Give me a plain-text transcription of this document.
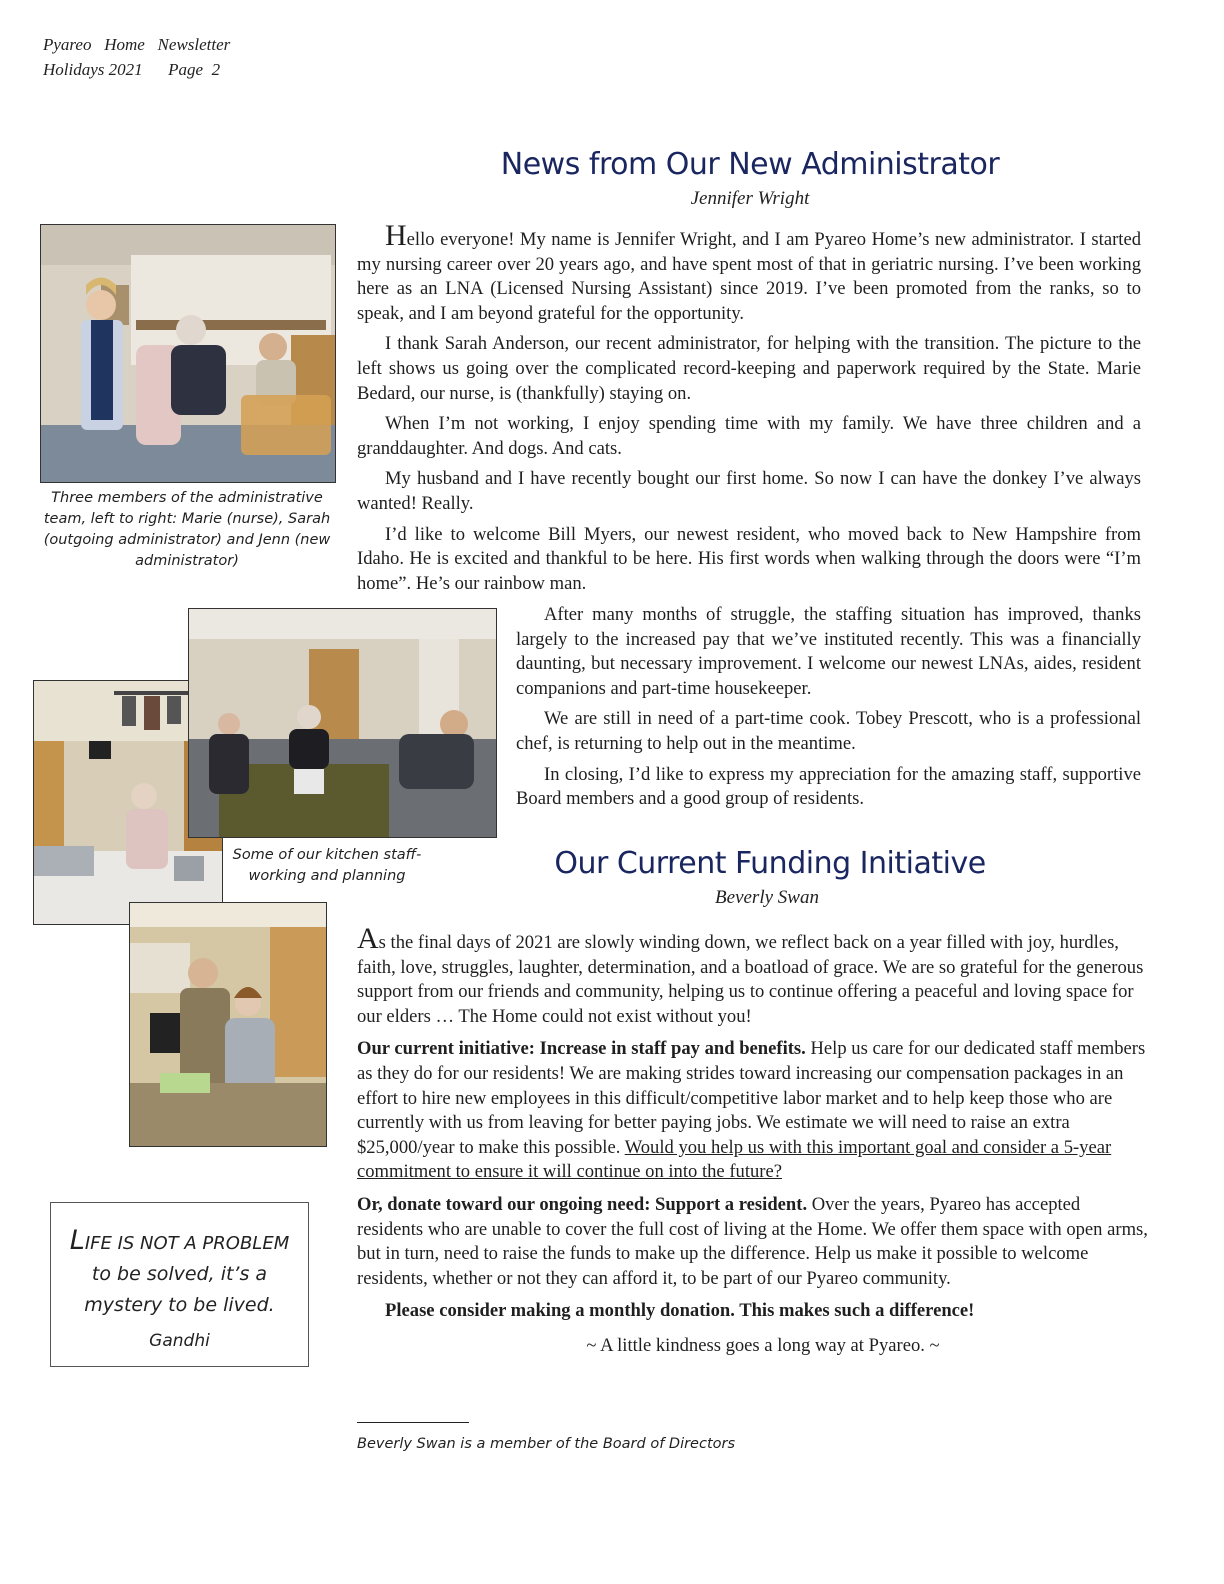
Pyareo   Home   Newsletter
Holidays 2021      Page  2
News from Our New Administrator
Jennifer Wright
Three members of the administrative team, left to right: Marie (nurse), Sarah (outgoing administrator) and Jenn (new administrator)

Hello everyone! My name is Jennifer Wright, and I am Pyareo Home’s new administrator. I started my nursing career over 20 years ago, and have spent most of that in geriatric nursing. I’ve been working here as an LNA (Licensed Nursing Assistant) since 2019. I’ve been promoted from the ranks, so to speak, and I am beyond grateful for the opportunity.

I thank Sarah Anderson, our recent administrator, for helping with the transition. The picture to the left shows us going over the complicated record-keeping and paperwork required by the State. Marie Bedard, our nurse, is (thankfully) staying on.

When I’m not working, I enjoy spending time with my family. We have three children and a granddaughter. And dogs. And cats.

My husband and I have recently bought our first home. So now I can have the donkey I’ve always wanted! Really.

I’d like to welcome Bill Myers, our newest resident, who moved back to New Hampshire from Idaho. He is excited and thankful to be here. His first words when walking through the doors were “I’m home”. He’s our rainbow man.

After many months of struggle, the staffing situation has improved, thanks largely to the increased pay that we’ve instituted recently. This was a financially daunting, but necessary improvement. I welcome our newest LNAs, aides, resident companions and part-time housekeeper.

We are still in need of a part-time cook. Tobey Prescott, who is a professional chef, is returning to help out in the meantime.

In closing, I’d like to express my appreciation for the amazing staff, supportive Board members and a good group of residents.

Some of our kitchen staff- working and planning
LIFE IS NOT A PROBLEM to be solved, it’s a mystery to be lived.
Gandhi
Our Current Funding Initiative
Beverly Swan

As the final days of 2021 are slowly winding down, we reflect back on a year filled with joy, hurdles, faith, love, struggles, laughter, determination, and a boatload of grace. We are so grateful for the generous support from our friends and community, helping us to continue offering a peaceful and loving space for our elders … The Home could not exist without you!

Our current initiative: Increase in staff pay and benefits. Help us care for our dedicated staff members as they do for our residents! We are making strides toward increasing our compensation packages in an effort to hire new employees in this difficult/competitive labor market and to help keep those who are currently with us from leaving for better paying jobs. We estimate we will need to raise an extra $25,000/year to make this possible. Would you help us with this important goal and consider a 5-year commitment to ensure it will continue on into the future?

Or, donate toward our ongoing need: Support a resident. Over the years, Pyareo has accepted residents who are unable to cover the full cost of living at the Home. We offer them space with open arms, but in turn, need to raise the funds to make up the difference. Help us make it possible to welcome residents, whether or not they can afford it, to be part of our Pyareo community.

Please consider making a monthly donation. This makes such a difference!

~ A little kindness goes a long way at Pyareo. ~

Beverly Swan is a member of the Board of Directors
